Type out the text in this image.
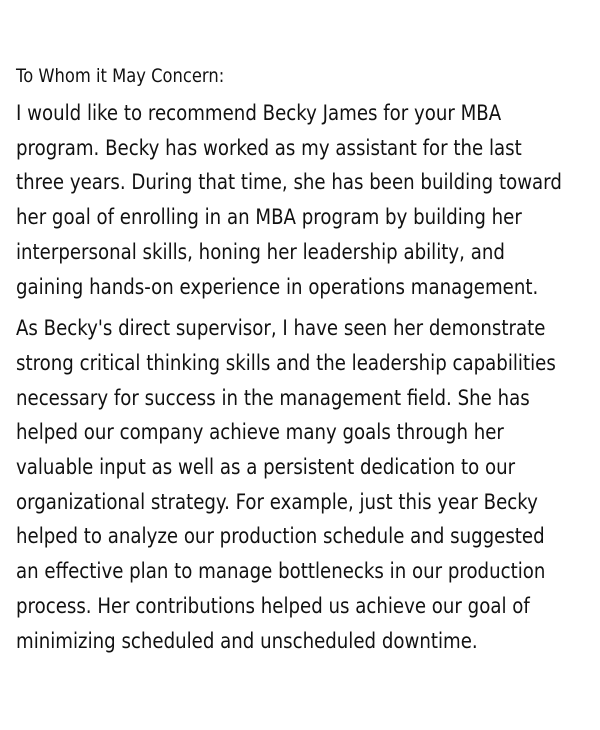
To Whom it May Concern:
I would like to recommend Becky James for your MBA
program. Becky has worked as my assistant for the last
three years. During that time, she has been building toward
her goal of enrolling in an MBA program by building her
interpersonal skills, honing her leadership ability, and
gaining hands-on experience in operations management.
As Becky's direct supervisor, I have seen her demonstrate
strong critical thinking skills and the leadership capabilities
necessary for success in the management field. She has
helped our company achieve many goals through her
valuable input as well as a persistent dedication to our
organizational strategy. For example, just this year Becky
helped to analyze our production schedule and suggested
an effective plan to manage bottlenecks in our production
process. Her contributions helped us achieve our goal of
minimizing scheduled and unscheduled downtime.
